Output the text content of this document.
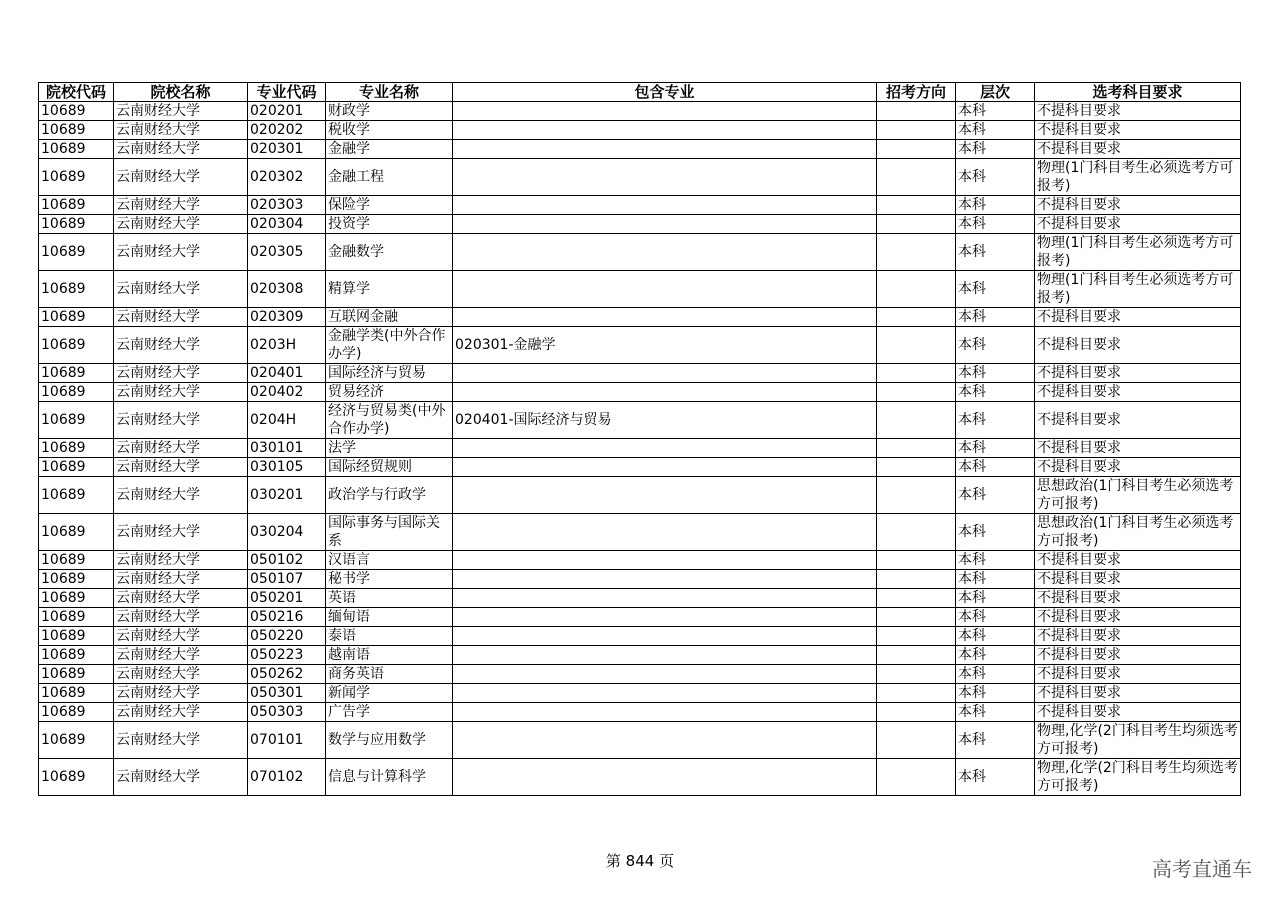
院校代码	院校名称	专业代码	专业名称	包含专业	招考方向	层次	选考科目要求
10689	云南财经大学	020201	财政学			本科	不提科目要求
10689	云南财经大学	020202	税收学			本科	不提科目要求
10689	云南财经大学	020301	金融学			本科	不提科目要求
10689	云南财经大学	020302	金融工程			本科	物理(1门科目考生必须选考方可报考)
10689	云南财经大学	020303	保险学			本科	不提科目要求
10689	云南财经大学	020304	投资学			本科	不提科目要求
10689	云南财经大学	020305	金融数学			本科	物理(1门科目考生必须选考方可报考)
10689	云南财经大学	020308	精算学			本科	物理(1门科目考生必须选考方可报考)
10689	云南财经大学	020309	互联网金融			本科	不提科目要求
10689	云南财经大学	0203H	金融学类(中外合作办学)	020301-金融学		本科	不提科目要求
10689	云南财经大学	020401	国际经济与贸易			本科	不提科目要求
10689	云南财经大学	020402	贸易经济			本科	不提科目要求
10689	云南财经大学	0204H	经济与贸易类(中外合作办学)	020401-国际经济与贸易		本科	不提科目要求
10689	云南财经大学	030101	法学			本科	不提科目要求
10689	云南财经大学	030105	国际经贸规则			本科	不提科目要求
10689	云南财经大学	030201	政治学与行政学			本科	思想政治(1门科目考生必须选考方可报考)
10689	云南财经大学	030204	国际事务与国际关系			本科	思想政治(1门科目考生必须选考方可报考)
10689	云南财经大学	050102	汉语言			本科	不提科目要求
10689	云南财经大学	050107	秘书学			本科	不提科目要求
10689	云南财经大学	050201	英语			本科	不提科目要求
10689	云南财经大学	050216	缅甸语			本科	不提科目要求
10689	云南财经大学	050220	泰语			本科	不提科目要求
10689	云南财经大学	050223	越南语			本科	不提科目要求
10689	云南财经大学	050262	商务英语			本科	不提科目要求
10689	云南财经大学	050301	新闻学			本科	不提科目要求
10689	云南财经大学	050303	广告学			本科	不提科目要求
10689	云南财经大学	070101	数学与应用数学			本科	物理,化学(2门科目考生均须选考方可报考)
10689	云南财经大学	070102	信息与计算科学			本科	物理,化学(2门科目考生均须选考方可报考)
第 844 页	高考直通车
